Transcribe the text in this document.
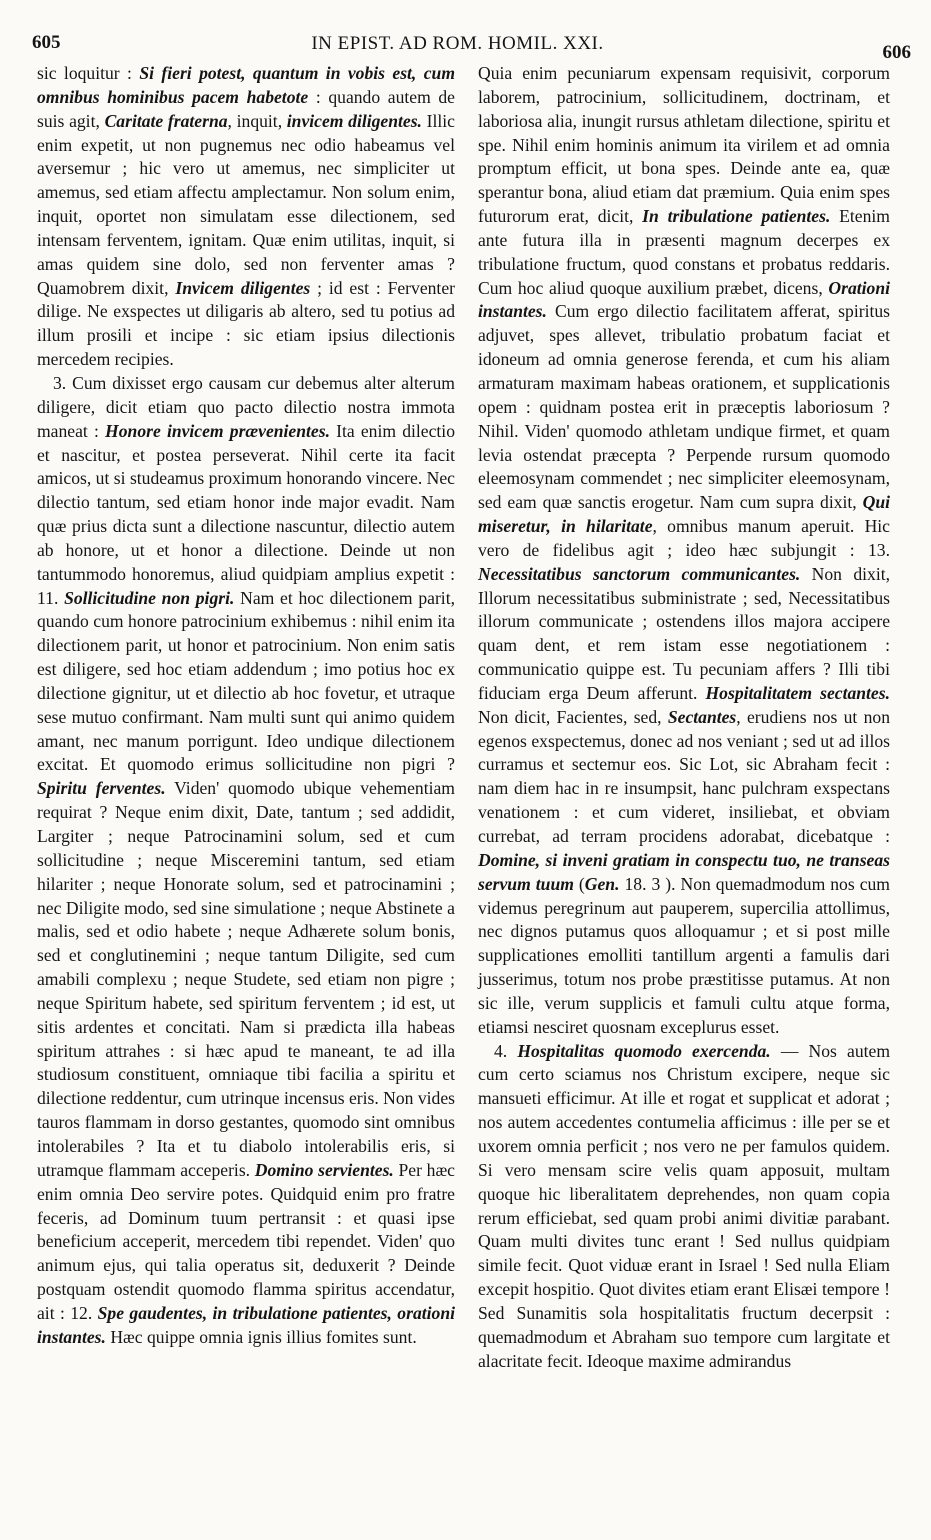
605	IN EPIST. AD ROM. HOMIL. XXI.	606

sic loquitur : Si fieri potest, quantum in vobis est, cum omnibus hominibus pacem habetote : quando autem de suis agit, Caritate fraterna, inquit, invicem diligentes. Illic enim expetit, ut non pugnemus nec odio habeamus vel aversemur ; hic vero ut amemus, nec simpliciter ut amemus, sed etiam affectu amplectamur. Non solum enim, inquit, oportet non simulatam esse dilectionem, sed intensam ferventem, ignitam. Quæ enim utilitas, inquit, si amas quidem sine dolo, sed non ferventer amas ? Quamobrem dixit, Invicem diligentes ; id est : Ferventer dilige. Ne exspectes ut diligaris ab altero, sed tu potius ad illum prosili et incipe : sic etiam ipsius dilectionis mercedem recipies.

3. Cum dixisset ergo causam cur debemus alter alterum diligere, dicit etiam quo pacto dilectio nostra immota maneat : Honore invicem prævenientes. Ita enim dilectio et nascitur, et postea perseverat. Nihil certe ita facit amicos, ut si studeamus proximum honorando vincere. Nec dilectio tantum, sed etiam honor inde major evadit. Nam quæ prius dicta sunt a dilectione nascuntur, dilectio autem ab honore, ut et honor a dilectione. Deinde ut non tantummodo honoremus, aliud quidpiam amplius expetit : 11. Sollicitudine non pigri. Nam et hoc dilectionem parit, quando cum honore patrocinium exhibemus : nihil enim ita dilectionem parit, ut honor et patrocinium. Non enim satis est diligere, sed hoc etiam addendum ; imo potius hoc ex dilectione gignitur, ut et dilectio ab hoc fovetur, et utraque sese mutuo confirmant. Nam multi sunt qui animo quidem amant, nec manum porrigunt. Ideo undique dilectionem excitat. Et quomodo erimus sollicitudine non pigri ? Spiritu ferventes. Viden' quomodo ubique vehementiam requirat ? Neque enim dixit, Date, tantum ; sed addidit, Largiter ; neque Patrocinamini solum, sed et cum sollicitudine ; neque Misceremini tantum, sed etiam hilariter ; neque Honorate solum, sed et patrocinamini ; nec Diligite modo, sed sine simulatione ; neque Abstinete a malis, sed et odio habete ; neque Adhærete solum bonis, sed et conglutinemini ; neque tantum Diligite, sed cum amabili complexu ; neque Studete, sed etiam non pigre ; neque Spiritum habete, sed spiritum ferventem ; id est, ut sitis ardentes et concitati. Nam si prædicta illa habeas spiritum attrahes : si hæc apud te maneant, te ad illa studiosum constituent, omniaque tibi facilia a spiritu et dilectione reddentur, cum utrinque incensus eris. Non vides tauros flammam in dorso gestantes, quomodo sint omnibus intolerabiles ? Ita et tu diabolo intolerabilis eris, si utramque flammam acceperis. Domino servientes. Per hæc enim omnia Deo servire potes. Quidquid enim pro fratre feceris, ad Dominum tuum pertransit : et quasi ipse beneficium acceperit, mercedem tibi rependet. Viden' quo animum ejus, qui talia operatus sit, deduxerit ? Deinde postquam ostendit quomodo flamma spiritus accendatur, ait : 12. Spe gaudentes, in tribulatione patientes, orationi instantes. Hæc quippe omnia ignis illius fomites sunt.

Quia enim pecuniarum expensam requisivit, corporum laborem, patrocinium, sollicitudinem, doctrinam, et laboriosa alia, inungit rursus athletam dilectione, spiritu et spe. Nihil enim hominis animum ita virilem et ad omnia promptum efficit, ut bona spes. Deinde ante ea, quæ sperantur bona, aliud etiam dat præmium. Quia enim spes futurorum erat, dicit, In tribulatione patientes. Etenim ante futura illa in præsenti magnum decerpes ex tribulatione fructum, quod constans et probatus reddaris. Cum hoc aliud quoque auxilium præbet, dicens, Orationi instantes. Cum ergo dilectio facilitatem afferat, spiritus adjuvet, spes allevet, tribulatio probatum faciat et idoneum ad omnia generose ferenda, et cum his aliam armaturam maximam habeas orationem, et supplicationis opem : quidnam postea erit in præceptis laboriosum ? Nihil. Viden' quomodo athletam undique firmet, et quam levia ostendat præcepta ? Perpende rursum quomodo eleemosynam commendet ; nec simpliciter eleemosynam, sed eam quæ sanctis erogetur. Nam cum supra dixit, Qui miseretur, in hilaritate, omnibus manum aperuit. Hic vero de fidelibus agit ; ideo hæc subjungit : 13. Necessitatibus sanctorum communicantes. Non dixit, Illorum necessitatibus subministrate ; sed, Necessitatibus illorum communicate ; ostendens illos majora accipere quam dent, et rem istam esse negotiationem : communicatio quippe est. Tu pecuniam affers ? Illi tibi fiduciam erga Deum afferunt. Hospitalitatem sectantes. Non dicit, Facientes, sed, Sectantes, erudiens nos ut non egenos exspectemus, donec ad nos veniant ; sed ut ad illos curramus et sectemur eos. Sic Lot, sic Abraham fecit : nam diem hac in re insumpsit, hanc pulchram exspectans venationem : et cum videret, insiliebat, et obviam currebat, ad terram procidens adorabat, dicebatque : Domine, si inveni gratiam in conspectu tuo, ne transeas servum tuum (Gen. 18. 3 ). Non quemadmodum nos cum videmus peregrinum aut pauperem, supercilia attollimus, nec dignos putamus quos alloquamur ; et si post mille supplicationes emolliti tantillum argenti a famulis dari jusserimus, totum nos probe præstitisse putamus. At non sic ille, verum supplicis et famuli cultu atque forma, etiamsi nesciret quosnam exceplurus esset.

4. Hospitalitas quomodo exercenda. — Nos autem cum certo sciamus nos Christum excipere, neque sic mansueti efficimur. At ille et rogat et supplicat et adorat ; nos autem accedentes contumelia afficimus : ille per se et uxorem omnia perficit ; nos vero ne per famulos quidem. Si vero mensam scire velis quam apposuit, multam quoque hic liberalitatem deprehendes, non quam copia rerum efficiebat, sed quam probi animi divitiæ parabant. Quam multi divites tunc erant ! Sed nullus quidpiam simile fecit. Quot viduæ erant in Israel ! Sed nulla Eliam excepit hospitio. Quot divites etiam erant Elisæi tempore ! Sed Sunamitis sola hospitalitatis fructum decerpsit : quemadmodum et Abraham suo tempore cum largitate et alacritate fecit. Ideoque maxime admirandus
